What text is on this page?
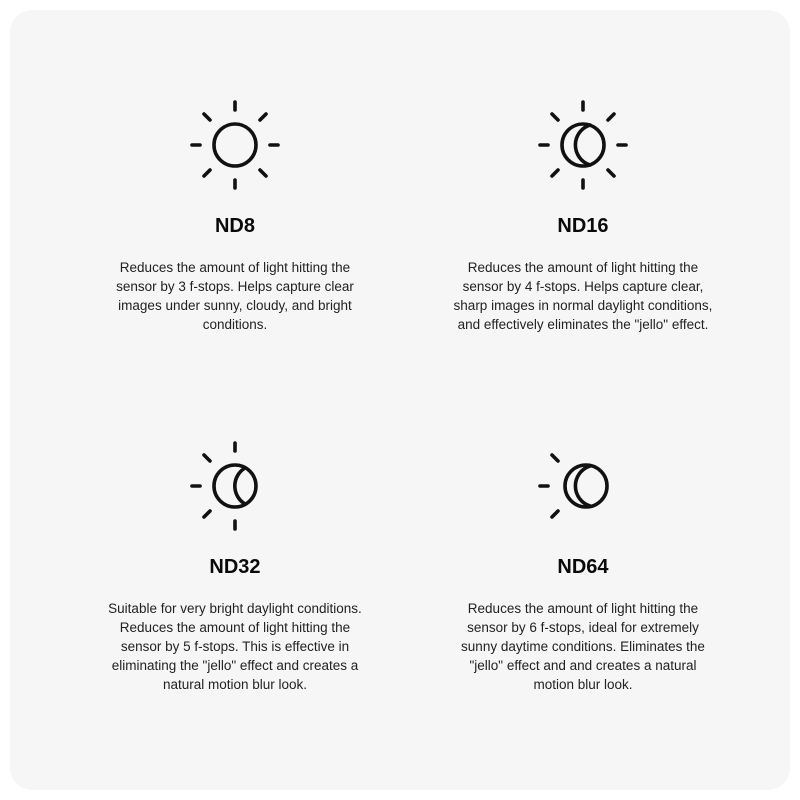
ND8

Reduces the amount of light hitting the sensor by 3 f-stops. Helps capture clear images under sunny, cloudy, and bright conditions.

ND16

Reduces the amount of light hitting the sensor by 4 f-stops. Helps capture clear, sharp images in normal daylight conditions, and effectively eliminates the "jello" effect.

ND32

Suitable for very bright daylight conditions. Reduces the amount of light hitting the sensor by 5 f-stops. This is effective in eliminating the "jello" effect and creates a natural motion blur look.

ND64

Reduces the amount of light hitting the sensor by 6 f-stops, ideal for extremely sunny daytime conditions. Eliminates the "jello" effect and and creates a natural motion blur look.
